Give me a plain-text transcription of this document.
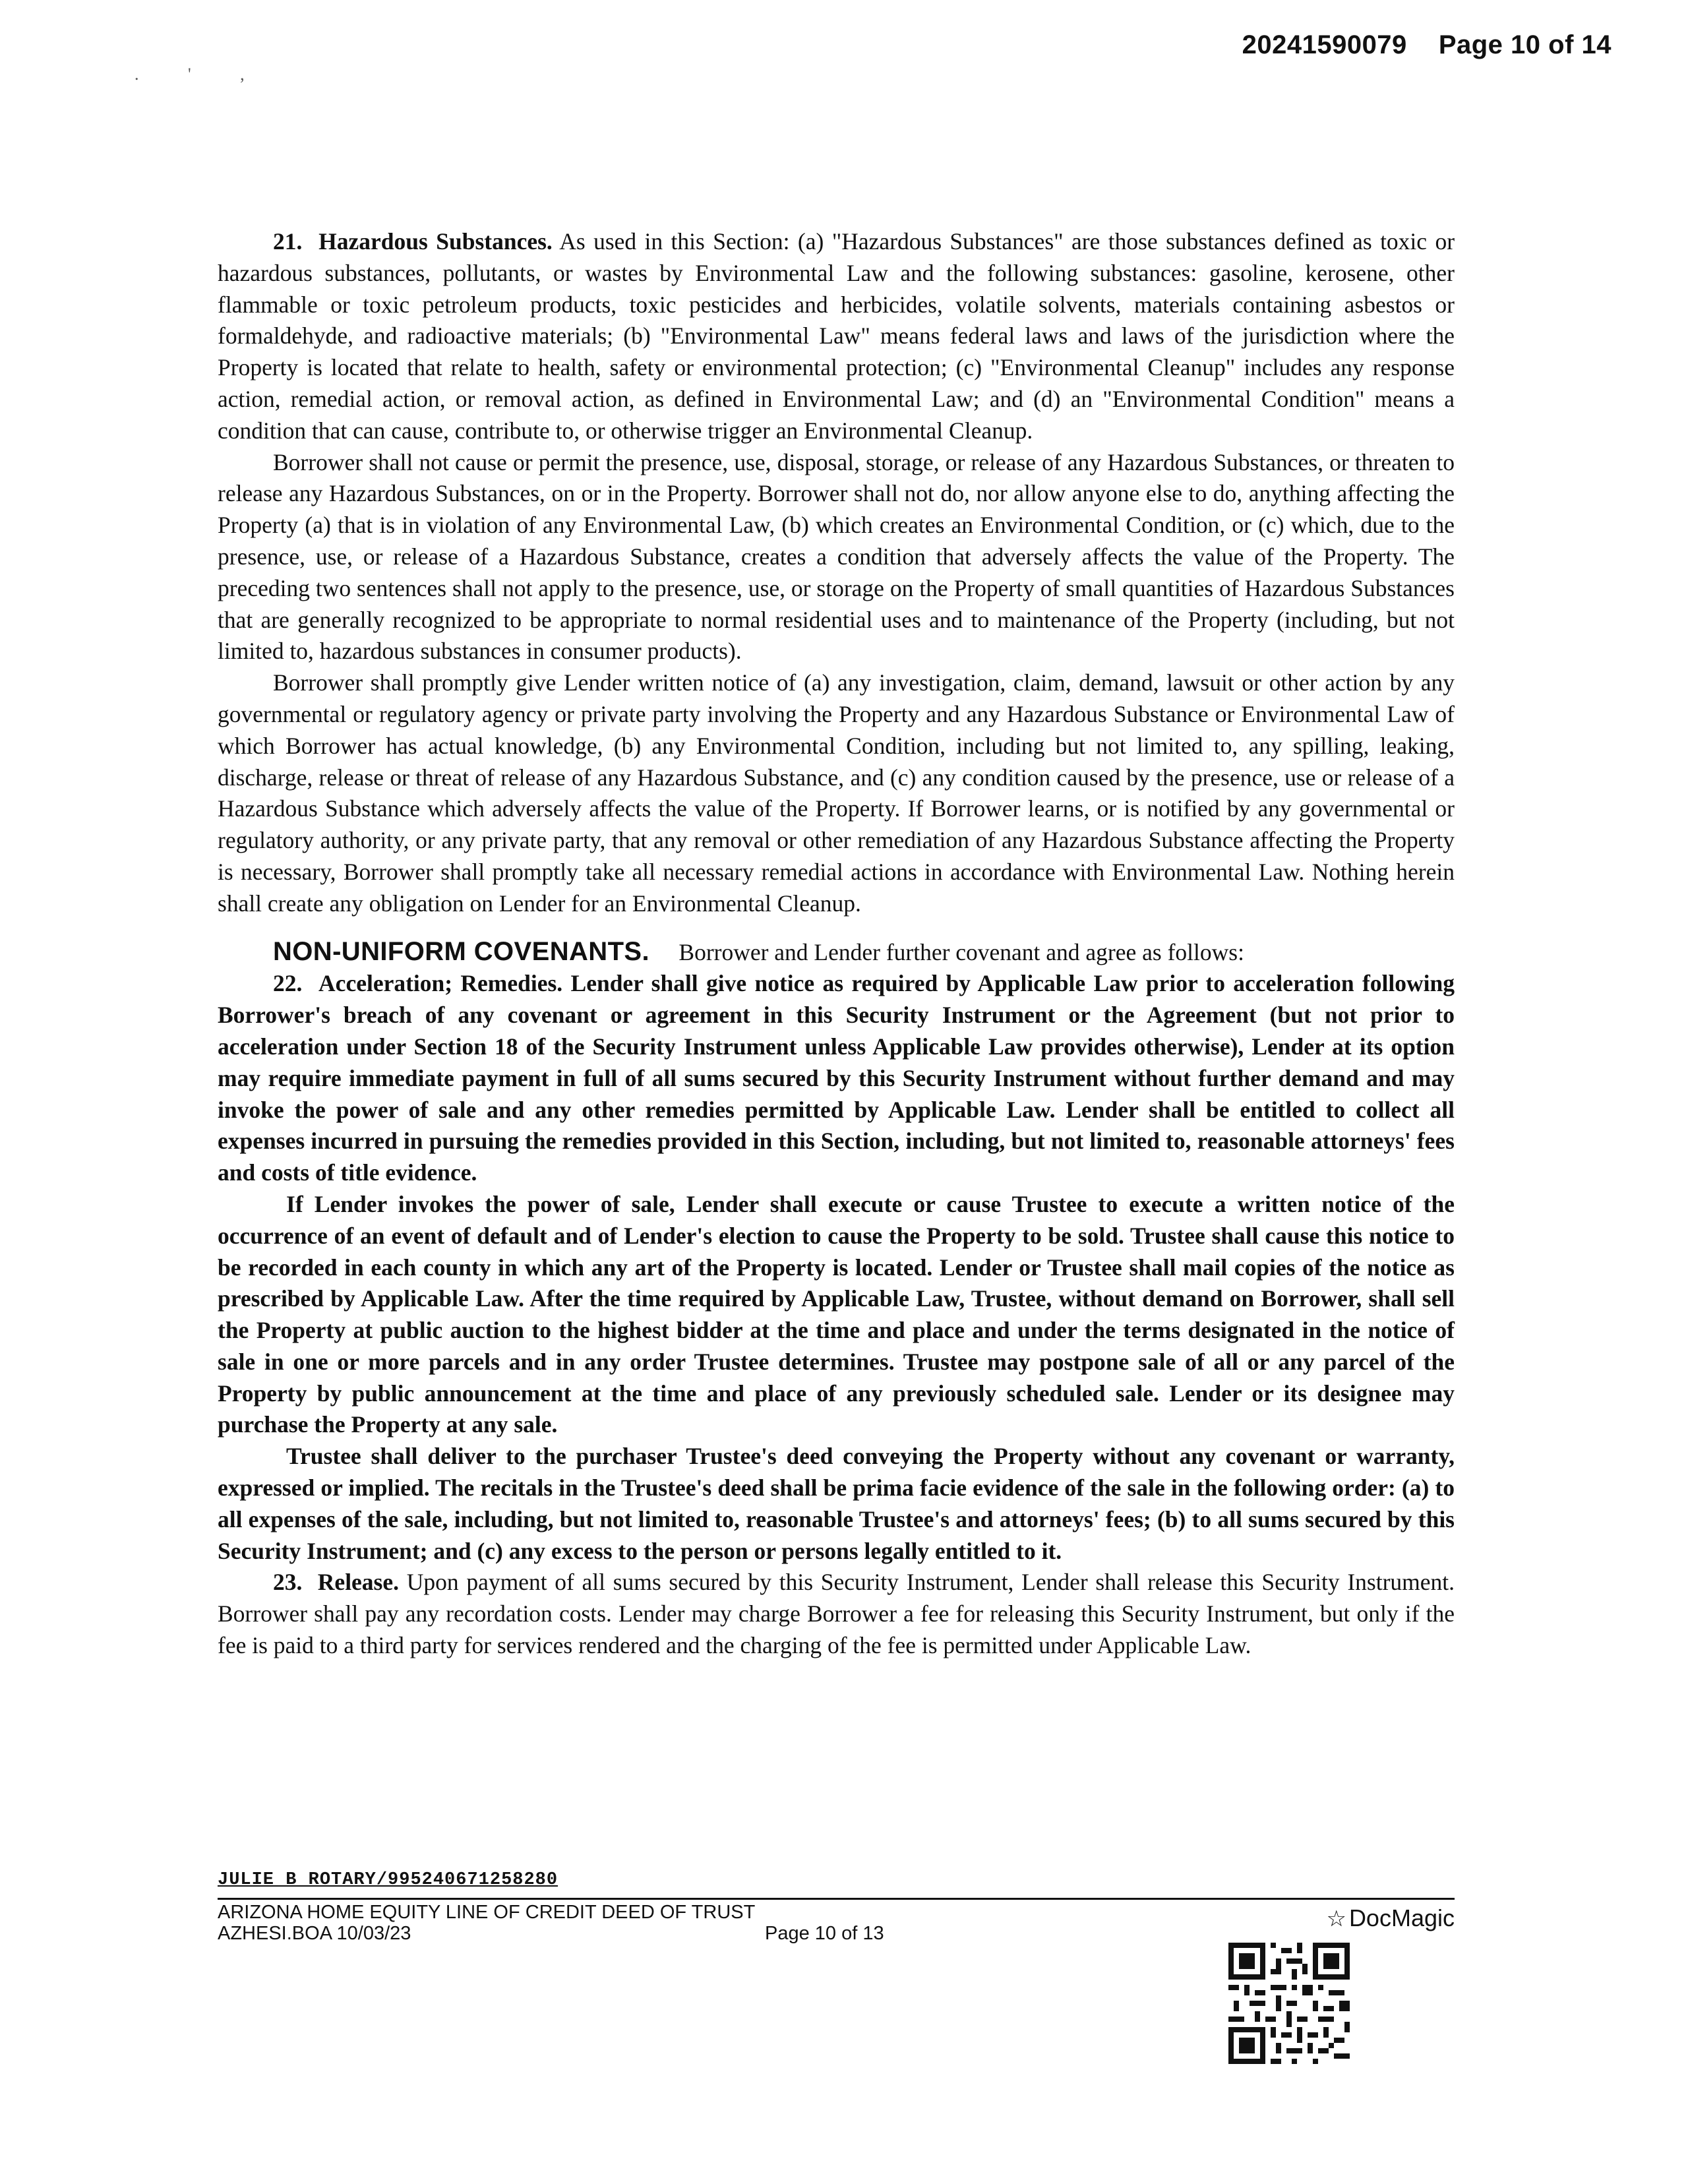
. ' ,
20241590079 Page 10 of 14

21. Hazardous Substances. As used in this Section: (a) "Hazardous Substances" are those substances defined as toxic or hazardous substances, pollutants, or wastes by Environmental Law and the following substances: gasoline, kerosene, other flammable or toxic petroleum products, toxic pesticides and herbicides, volatile solvents, materials containing asbestos or formaldehyde, and radioactive materials; (b) "Environmental Law" means federal laws and laws of the jurisdiction where the Property is located that relate to health, safety or environmental protection; (c) "Environmental Cleanup" includes any response action, remedial action, or removal action, as defined in Environmental Law; and (d) an "Environmental Condition" means a condition that can cause, contribute to, or otherwise trigger an Environmental Cleanup.

Borrower shall not cause or permit the presence, use, disposal, storage, or release of any Hazardous Substances, or threaten to release any Hazardous Substances, on or in the Property. Borrower shall not do, nor allow anyone else to do, anything affecting the Property (a) that is in violation of any Environmental Law, (b) which creates an Environmental Condition, or (c) which, due to the presence, use, or release of a Hazardous Substance, creates a condition that adversely affects the value of the Property. The preceding two sentences shall not apply to the presence, use, or storage on the Property of small quantities of Hazardous Substances that are generally recognized to be appropriate to normal residential uses and to maintenance of the Property (including, but not limited to, hazardous substances in consumer products).

Borrower shall promptly give Lender written notice of (a) any investigation, claim, demand, lawsuit or other action by any governmental or regulatory agency or private party involving the Property and any Hazardous Substance or Environmental Law of which Borrower has actual knowledge, (b) any Environmental Condition, including but not limited to, any spilling, leaking, discharge, release or threat of release of any Hazardous Substance, and (c) any condition caused by the presence, use or release of a Hazardous Substance which adversely affects the value of the Property. If Borrower learns, or is notified by any governmental or regulatory authority, or any private party, that any removal or other remediation of any Hazardous Substance affecting the Property is necessary, Borrower shall promptly take all necessary remedial actions in accordance with Environmental Law. Nothing herein shall create any obligation on Lender for an Environmental Cleanup.

NON-UNIFORM COVENANTS. Borrower and Lender further covenant and agree as follows:

22. Acceleration; Remedies. Lender shall give notice as required by Applicable Law prior to acceleration following Borrower's breach of any covenant or agreement in this Security Instrument or the Agreement (but not prior to acceleration under Section 18 of the Security Instrument unless Applicable Law provides otherwise), Lender at its option may require immediate payment in full of all sums secured by this Security Instrument without further demand and may invoke the power of sale and any other remedies permitted by Applicable Law. Lender shall be entitled to collect all expenses incurred in pursuing the remedies provided in this Section, including, but not limited to, reasonable attorneys' fees and costs of title evidence.

If Lender invokes the power of sale, Lender shall execute or cause Trustee to execute a written notice of the occurrence of an event of default and of Lender's election to cause the Property to be sold. Trustee shall cause this notice to be recorded in each county in which any art of the Property is located. Lender or Trustee shall mail copies of the notice as prescribed by Applicable Law. After the time required by Applicable Law, Trustee, without demand on Borrower, shall sell the Property at public auction to the highest bidder at the time and place and under the terms designated in the notice of sale in one or more parcels and in any order Trustee determines. Trustee may postpone sale of all or any parcel of the Property by public announcement at the time and place of any previously scheduled sale. Lender or its designee may purchase the Property at any sale.

Trustee shall deliver to the purchaser Trustee's deed conveying the Property without any covenant or warranty, expressed or implied. The recitals in the Trustee's deed shall be prima facie evidence of the sale in the following order: (a) to all expenses of the sale, including, but not limited to, reasonable Trustee's and attorneys' fees; (b) to all sums secured by this Security Instrument; and (c) any excess to the person or persons legally entitled to it.

23. Release. Upon payment of all sums secured by this Security Instrument, Lender shall release this Security Instrument. Borrower shall pay any recordation costs. Lender may charge Borrower a fee for releasing this Security Instrument, but only if the fee is paid to a third party for services rendered and the charging of the fee is permitted under Applicable Law.

JULIE B ROTARY/995240671258280
ARIZONA HOME EQUITY LINE OF CREDIT DEED OF TRUST
AZHESI.BOA 10/03/23	Page 10 of 13
☆ DocMagic
